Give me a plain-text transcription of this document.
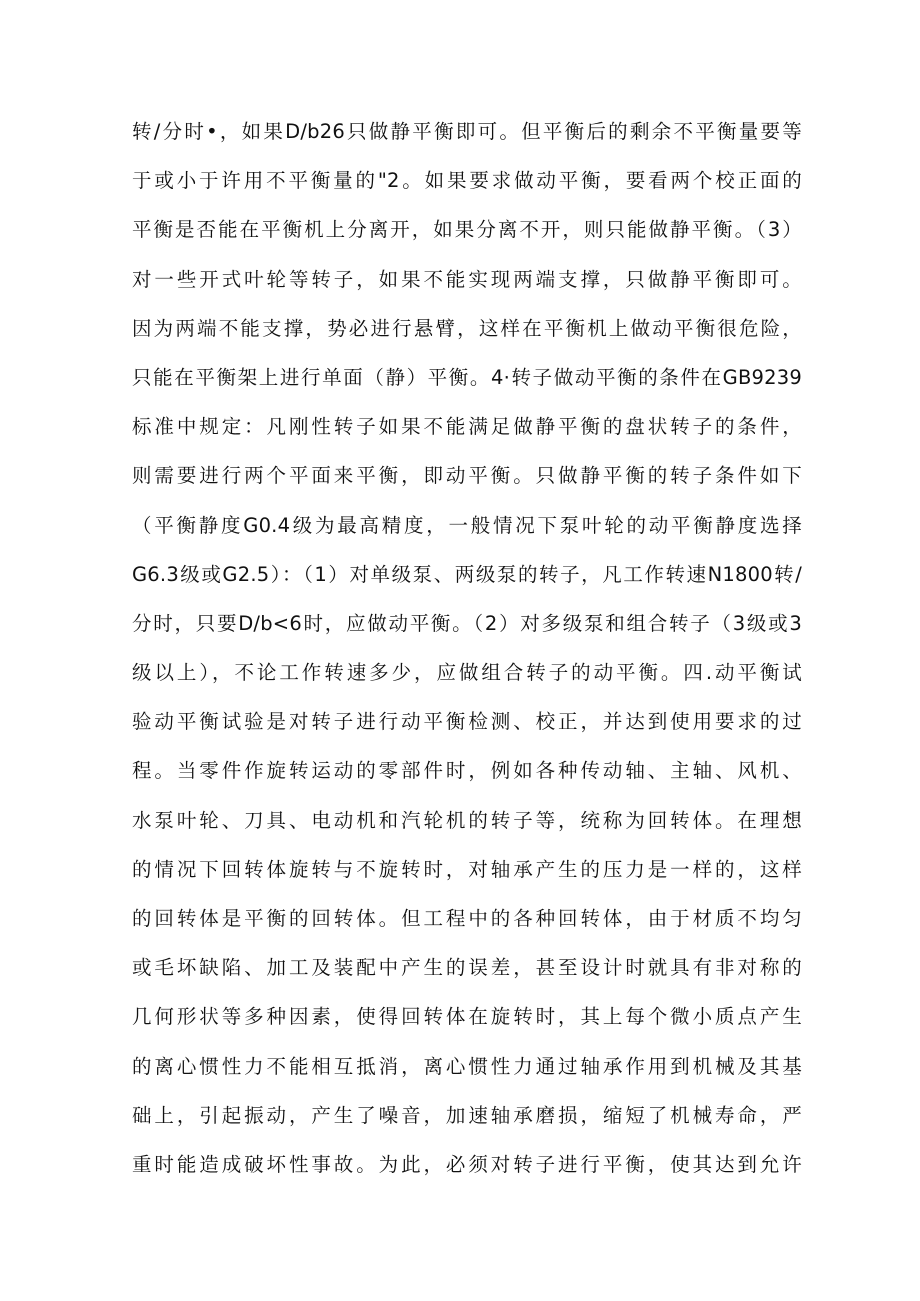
转/分时•，如果D/b26只做静平衡即可。但平衡后的剩余不平衡量要等
于或小于许用不平衡量的"2。如果要求做动平衡，要看两个校正面的
平衡是否能在平衡机上分离开，如果分离不开，则只能做静平衡。（3）
对一些开式叶轮等转子，如果不能实现两端支撑，只做静平衡即可。
因为两端不能支撑，势必进行悬臂，这样在平衡机上做动平衡很危险，
只能在平衡架上进行单面（静）平衡。4·转子做动平衡的条件在GB9239
标准中规定：凡刚性转子如果不能满足做静平衡的盘状转子的条件，
则需要进行两个平面来平衡，即动平衡。只做静平衡的转子条件如下
（平衡静度G0.4级为最高精度，一般情况下泵叶轮的动平衡静度选择
G6.3级或G2.5）：（1）对单级泵、两级泵的转子，凡工作转速N1800转/
分时，只要D/b<6时，应做动平衡。（2）对多级泵和组合转子（3级或3
级以上），不论工作转速多少，应做组合转子的动平衡。四.动平衡试
验动平衡试验是对转子进行动平衡检测、校正，并达到使用要求的过
程。当零件作旋转运动的零部件时，例如各种传动轴、主轴、风机、
水泵叶轮、刀具、电动机和汽轮机的转子等，统称为回转体。在理想
的情况下回转体旋转与不旋转时，对轴承产生的压力是一样的，这样
的回转体是平衡的回转体。但工程中的各种回转体，由于材质不均匀
或毛坏缺陷、加工及装配中产生的误差，甚至设计时就具有非对称的
几何形状等多种因素，使得回转体在旋转时，其上每个微小质点产生
的离心惯性力不能相互抵消，离心惯性力通过轴承作用到机械及其基
础上，引起振动，产生了噪音，加速轴承磨损，缩短了机械寿命，严
重时能造成破坏性事故。为此，必须对转子进行平衡，使其达到允许
